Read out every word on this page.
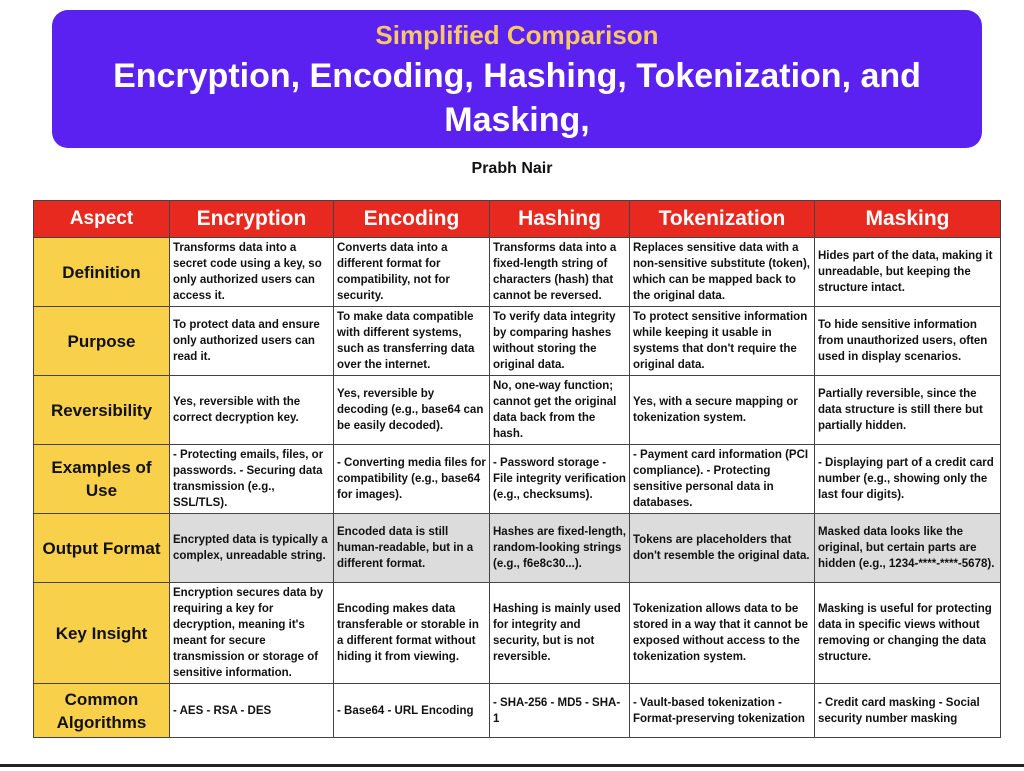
Simplified Comparison
Encryption, Encoding, Hashing, Tokenization, and Masking,
Prabh Nair
Aspect	Encryption	Encoding	Hashing	Tokenization	Masking
Definition	Transforms data into a secret code using a key, so only authorized users can access it.	Converts data into a different format for compatibility, not for security.	Transforms data into a fixed-length string of characters (hash) that cannot be reversed.	Replaces sensitive data with a non-sensitive substitute (token), which can be mapped back to the original data.	Hides part of the data, making it unreadable, but keeping the structure intact.
Purpose	To protect data and ensure only authorized users can read it.	To make data compatible with different systems, such as transferring data over the internet.	To verify data integrity by comparing hashes without storing the original data.	To protect sensitive information while keeping it usable in systems that don't require the original data.	To hide sensitive information from unauthorized users, often used in display scenarios.
Reversibility	Yes, reversible with the correct decryption key.	Yes, reversible by decoding (e.g., base64 can be easily decoded).	No, one-way function; cannot get the original data back from the hash.	Yes, with a secure mapping or tokenization system.	Partially reversible, since the data structure is still there but partially hidden.
Examples of Use	- Protecting emails, files, or passwords. - Securing data transmission (e.g., SSL/TLS).	- Converting media files for compatibility (e.g., base64 for images).	- Password storage - File integrity verification (e.g., checksums).	- Payment card information (PCI compliance). - Protecting sensitive personal data in databases.	- Displaying part of a credit card number (e.g., showing only the last four digits).
Output Format	Encrypted data is typically a complex, unreadable string.	Encoded data is still human-readable, but in a different format.	Hashes are fixed-length, random-looking strings (e.g., f6e8c30...).	Tokens are placeholders that don't resemble the original data.	Masked data looks like the original, but certain parts are hidden (e.g., 1234-****-****-5678).
Key Insight	Encryption secures data by requiring a key for decryption, meaning it's meant for secure transmission or storage of sensitive information.	Encoding makes data transferable or storable in a different format without hiding it from viewing.	Hashing is mainly used for integrity and security, but is not reversible.	Tokenization allows data to be stored in a way that it cannot be exposed without access to the tokenization system.	Masking is useful for protecting data in specific views without removing or changing the data structure.
Common Algorithms	- AES - RSA - DES	- Base64 - URL Encoding	- SHA-256 - MD5 - SHA-1	- Vault-based tokenization - Format-preserving tokenization	- Credit card masking - Social security number masking
